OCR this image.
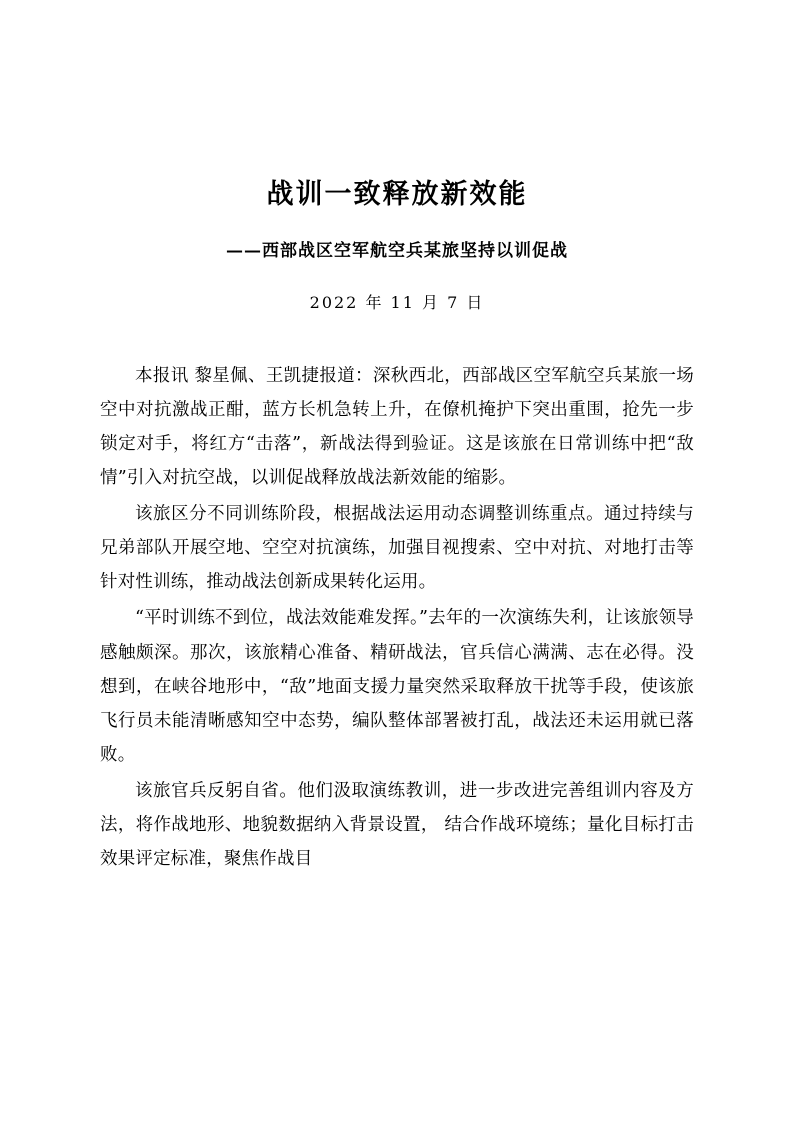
战训一致释放新效能
——西部战区空军航空兵某旅坚持以训促战
2022 年 11 月 7 日

本报讯 黎星佩、王凯捷报道：深秋西北，西部战区空军航空兵某旅一场空中对抗激战正酣，蓝方长机急转上升，在僚机掩护下突出重围，抢先一步锁定对手，将红方“击落”，新战法得到验证。这是该旅在日常训练中把“敌情”引入对抗空战，以训促战释放战法新效能的缩影。

该旅区分不同训练阶段，根据战法运用动态调整训练重点。通过持续与兄弟部队开展空地、空空对抗演练，加强目视搜索、空中对抗、对地打击等针对性训练，推动战法创新成果转化运用。

“平时训练不到位，战法效能难发挥。”去年的一次演练失利，让该旅领导感触颇深。那次，该旅精心准备、精研战法，官兵信心满满、志在必得。没想到，在峡谷地形中，“敌”地面支援力量突然采取释放干扰等手段，使该旅飞行员未能清晰感知空中态势，编队整体部署被打乱，战法还未运用就已落败。

该旅官兵反躬自省。他们汲取演练教训，进一步改进完善组训内容及方法，将作战地形、地貌数据纳入背景设置， 结合作战环境练；量化目标打击效果评定标准，聚焦作战目
